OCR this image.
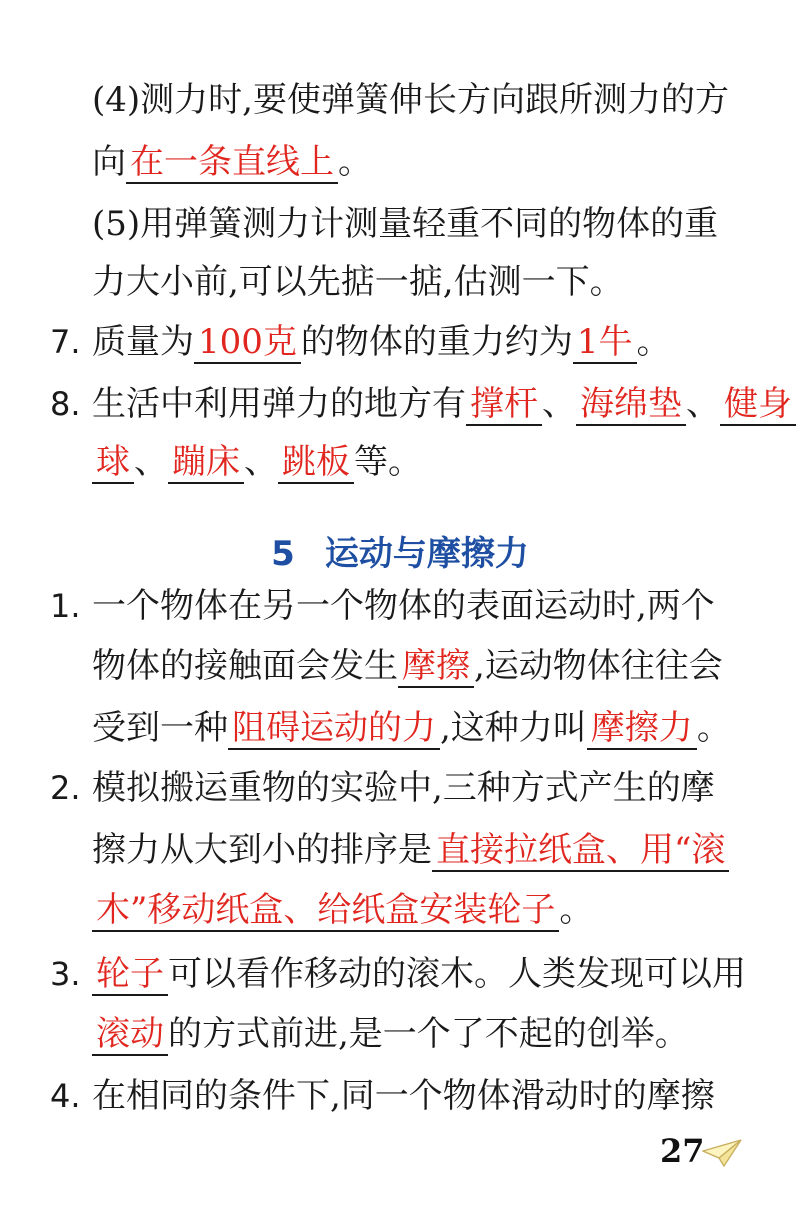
5 运动与摩擦力
(4)测力时,要使弹簧伸长方向跟所测力的方
向 在一条直线上 。
(5)用弹簧测力计测量轻重不同的物体的重
力大小前,可以先掂一掂,估测一下。
7. 质量为 100克 的物体的重力约为 1牛 。
8. 生活中利用弹力的地方有 撑杆 、 海绵垫 、 健身
球 、 蹦床 、 跳板 等。
1. 一个物体在另一个物体的表面运动时,两个
物体的接触面会发生 摩擦 ,运动物体往往会
受到一种 阻碍运动的力 ,这种力叫 摩擦力 。
2. 模拟搬运重物的实验中,三种方式产生的摩
擦力从大到小的排序是 直接拉纸盒、用“滚
木”移动纸盒、给纸盒安装轮子 。
3. 轮子 可以看作移动的滚木。人类发现可以用
滚动 的方式前进,是一个了不起的创举。
4. 在相同的条件下,同一个物体滑动时的摩擦
27
